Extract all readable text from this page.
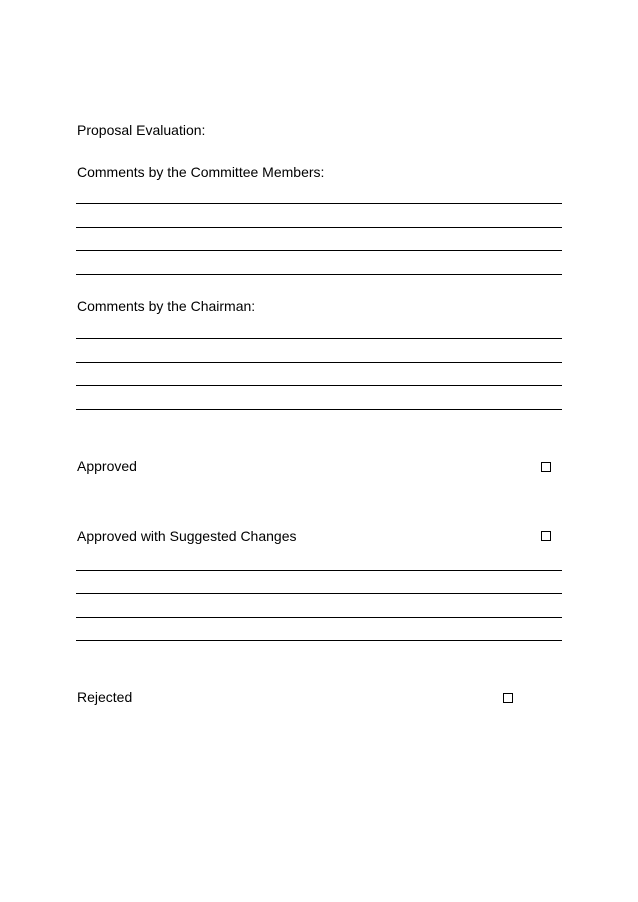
Proposal Evaluation:
Comments by the Committee Members:
Comments by the Chairman:
Approved
Approved with Suggested Changes
Rejected
